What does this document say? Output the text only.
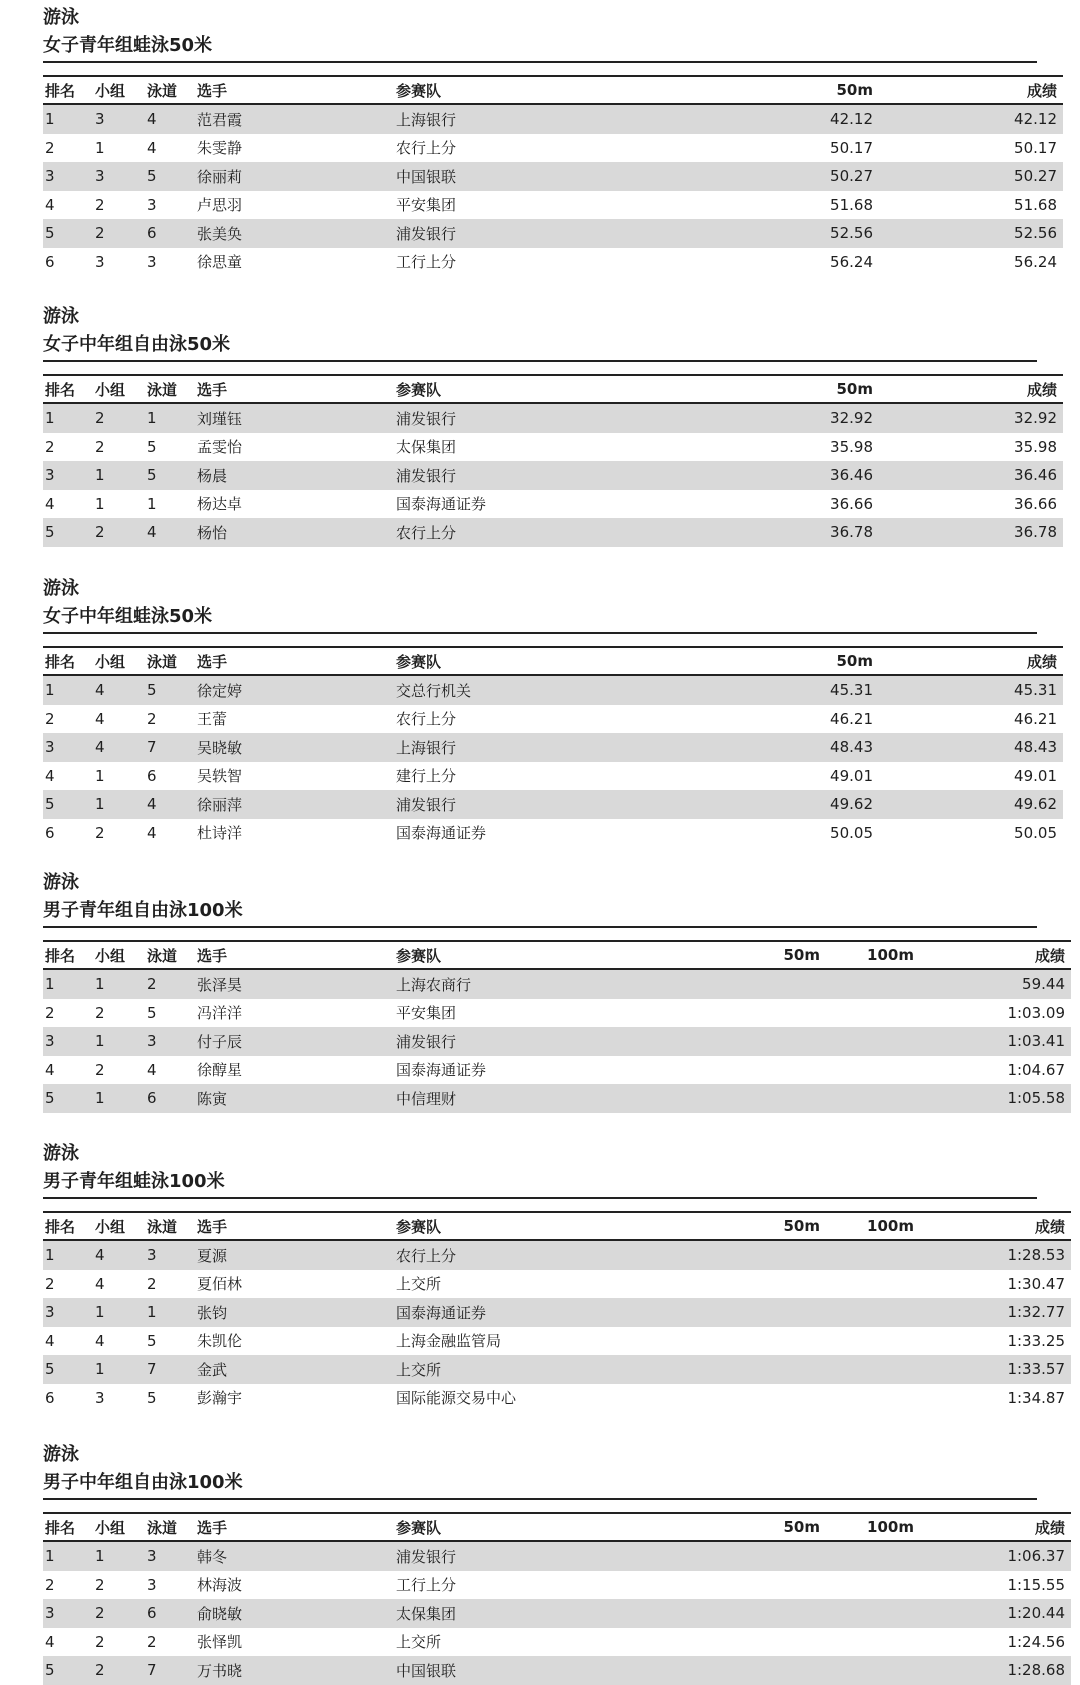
游泳
女子青年组蛙泳50米
排名	小组	泳道	选手	参赛队	50m	成绩
1	3	4	范君霞	上海银行	42.12	42.12
2	1	4	朱雯静	农行上分	50.17	50.17
3	3	5	徐丽莉	中国银联	50.27	50.27
4	2	3	卢思羽	平安集团	51.68	51.68
5	2	6	张美奂	浦发银行	52.56	52.56
6	3	3	徐思童	工行上分	56.24	56.24
游泳
女子中年组自由泳50米
排名	小组	泳道	选手	参赛队	50m	成绩
1	2	1	刘瑾钰	浦发银行	32.92	32.92
2	2	5	孟雯怡	太保集团	35.98	35.98
3	1	5	杨晨	浦发银行	36.46	36.46
4	1	1	杨达卓	国泰海通证券	36.66	36.66
5	2	4	杨怡	农行上分	36.78	36.78
游泳
女子中年组蛙泳50米
排名	小组	泳道	选手	参赛队	50m	成绩
1	4	5	徐定婷	交总行机关	45.31	45.31
2	4	2	王蕾	农行上分	46.21	46.21
3	4	7	吴晓敏	上海银行	48.43	48.43
4	1	6	吴轶智	建行上分	49.01	49.01
5	1	4	徐丽萍	浦发银行	49.62	49.62
6	2	4	杜诗洋	国泰海通证券	50.05	50.05
游泳
男子青年组自由泳100米
排名	小组	泳道	选手	参赛队	50m	100m	成绩
1	1	2	张泽昊	上海农商行			59.44
2	2	5	冯洋洋	平安集团			1:03.09
3	1	3	付子辰	浦发银行			1:03.41
4	2	4	徐醇星	国泰海通证券			1:04.67
5	1	6	陈寅	中信理财			1:05.58
游泳
男子青年组蛙泳100米
排名	小组	泳道	选手	参赛队	50m	100m	成绩
1	4	3	夏源	农行上分			1:28.53
2	4	2	夏佰林	上交所			1:30.47
3	1	1	张钧	国泰海通证券			1:32.77
4	4	5	朱凯伦	上海金融监管局			1:33.25
5	1	7	金武	上交所			1:33.57
6	3	5	彭瀚宇	国际能源交易中心			1:34.87
游泳
男子中年组自由泳100米
排名	小组	泳道	选手	参赛队	50m	100m	成绩
1	1	3	韩冬	浦发银行			1:06.37
2	2	3	林海波	工行上分			1:15.55
3	2	6	俞晓敏	太保集团			1:20.44
4	2	2	张怿凯	上交所			1:24.56
5	2	7	万书晓	中国银联			1:28.68
